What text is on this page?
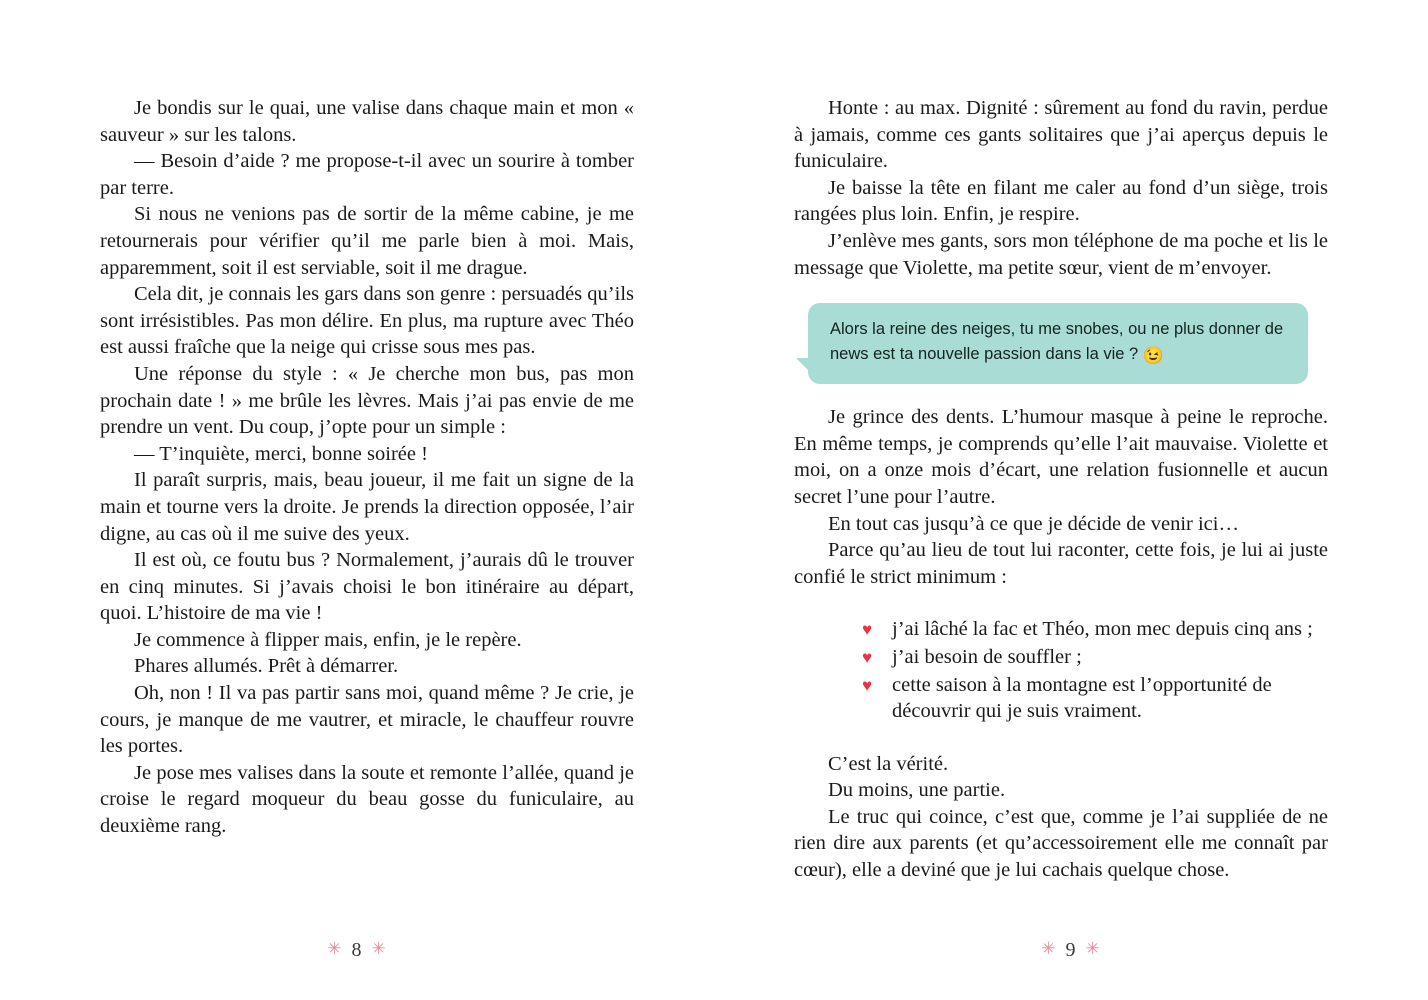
Je bondis sur le quai, une valise dans chaque main et mon « sauveur » sur les talons.

— Besoin d’aide ? me propose-t-il avec un sourire à tomber par terre.

Si nous ne venions pas de sortir de la même cabine, je me retournerais pour vérifier qu’il me parle bien à moi. Mais, apparemment, soit il est serviable, soit il me drague.

Cela dit, je connais les gars dans son genre : persuadés qu’ils sont irrésistibles. Pas mon délire. En plus, ma rupture avec Théo est aussi fraîche que la neige qui crisse sous mes pas.

Une réponse du style : « Je cherche mon bus, pas mon prochain date ! » me brûle les lèvres. Mais j’ai pas envie de me prendre un vent. Du coup, j’opte pour un simple :

— T’inquiète, merci, bonne soirée !

Il paraît surpris, mais, beau joueur, il me fait un signe de la main et tourne vers la droite. Je prends la direction opposée, l’air digne, au cas où il me suive des yeux.

Il est où, ce foutu bus ? Normalement, j’aurais dû le trouver en cinq minutes. Si j’avais choisi le bon itinéraire au départ, quoi. L’histoire de ma vie !

Je commence à flipper mais, enfin, je le repère.

Phares allumés. Prêt à démarrer.

Oh, non ! Il va pas partir sans moi, quand même ? Je crie, je cours, je manque de me vautrer, et miracle, le chauffeur rouvre les portes.

Je pose mes valises dans la soute et remonte l’allée, quand je croise le regard moqueur du beau gosse du funiculaire, au deuxième rang.

✳ 8 ✳

Honte : au max. Dignité : sûrement au fond du ravin, perdue à jamais, comme ces gants solitaires que j’ai aperçus depuis le funiculaire.

Je baisse la tête en filant me caler au fond d’un siège, trois rangées plus loin. Enfin, je respire.

J’enlève mes gants, sors mon téléphone de ma poche et lis le message que Violette, ma petite sœur, vient de m’envoyer.

Alors la reine des neiges, tu me snobes, ou ne plus donner de news est ta nouvelle passion dans la vie ? 😉

Je grince des dents. L’humour masque à peine le reproche. En même temps, je comprends qu’elle l’ait mauvaise. Violette et moi, on a onze mois d’écart, une relation fusionnelle et aucun secret l’une pour l’autre.

En tout cas jusqu’à ce que je décide de venir ici…

Parce qu’au lieu de tout lui raconter, cette fois, je lui ai juste confié le strict minimum :

♥ j’ai lâché la fac et Théo, mon mec depuis cinq ans ;
♥ j’ai besoin de souffler ;
♥ cette saison à la montagne est l’opportunité de découvrir qui je suis vraiment.

C’est la vérité.

Du moins, une partie.

Le truc qui coince, c’est que, comme je l’ai suppliée de ne rien dire aux parents (et qu’accessoirement elle me connaît par cœur), elle a deviné que je lui cachais quelque chose.

✳ 9 ✳
